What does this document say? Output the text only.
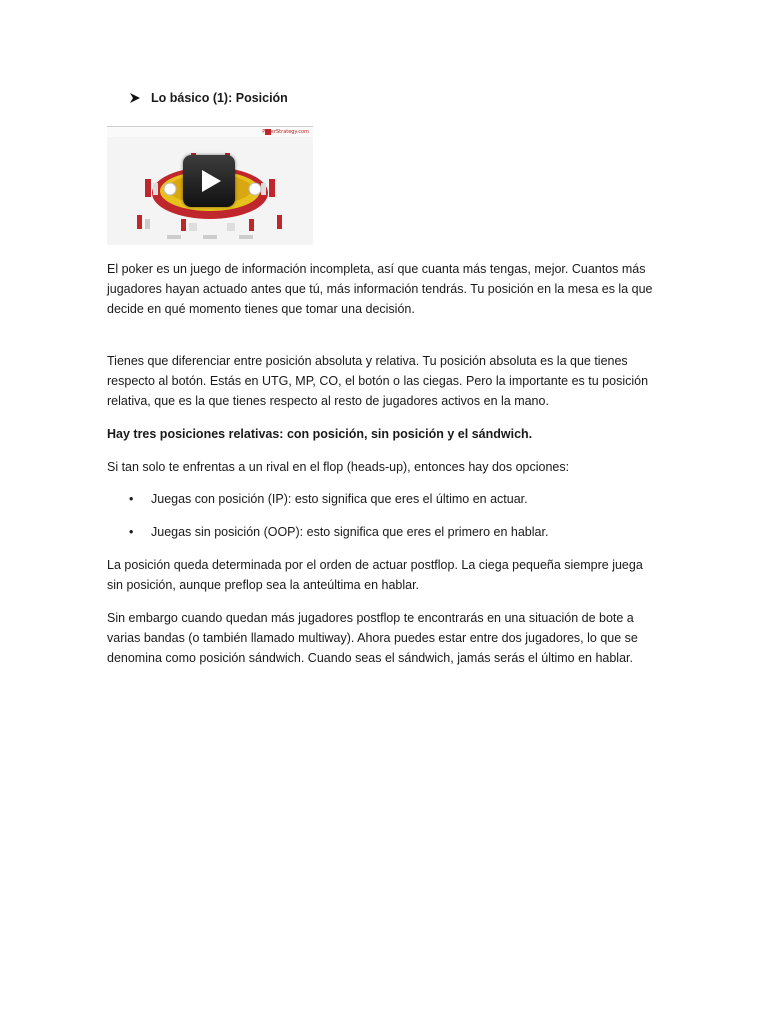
Lo básico (1): Posición
PokerStrategy.com

El poker es un juego de información incompleta, así que cuanta más tengas, mejor. Cuantos más jugadores hayan actuado antes que tú, más información tendrás. Tu posición en la mesa es la que decide en qué momento tienes que tomar una decisión.

Tienes que diferenciar entre posición absoluta y relativa. Tu posición absoluta es la que tienes respecto al botón. Estás en UTG, MP, CO, el botón o las ciegas. Pero la importante es tu posición relativa, que es la que tienes respecto al resto de jugadores activos en la mano.

Hay tres posiciones relativas: con posición, sin posición y el sándwich.

Si tan solo te enfrentas a un rival en el flop (heads-up), entonces hay dos opciones:

• Juegas con posición (IP): esto significa que eres el último en actuar.
• Juegas sin posición (OOP): esto significa que eres el primero en hablar.

La posición queda determinada por el orden de actuar postflop. La ciega pequeña siempre juega sin posición, aunque preflop sea la anteúltima en hablar.

Sin embargo cuando quedan más jugadores postflop te encontrarás en una situación de bote a varias bandas (o también llamado multiway). Ahora puedes estar entre dos jugadores, lo que se denomina como posición sándwich. Cuando seas el sándwich, jamás serás el último en hablar.
